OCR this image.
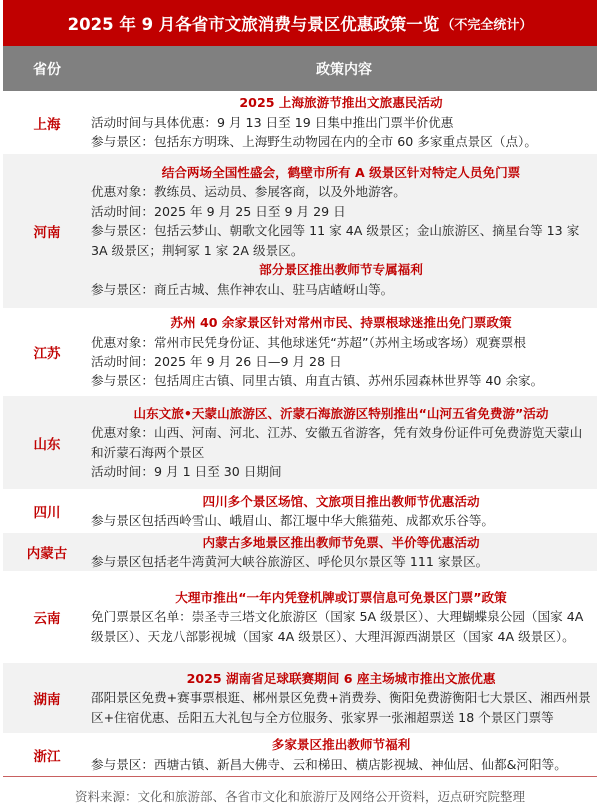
2025 年 9 月各省市文旅消费与景区优惠政策一览 （不完全统计）
省份	政策内容
上海
2025 上海旅游节推出文旅惠民活动
活动时间与具体优惠：9 月 13 日至 19 日集中推出门票半价优惠
参与景区：包括东方明珠、上海野生动物园在内的全市 60 多家重点景区（点）。
河南
结合两场全国性盛会，鹤壁市所有 A 级景区针对特定人员免门票
优惠对象：教练员、运动员、参展客商，以及外地游客。
活动时间：2025 年 9 月 25 日至 9 月 29 日
参与景区：包括云梦山、朝歌文化园等 11 家 4A 级景区；金山旅游区、摘星台等 13 家 3A 级景区；荆轲冢 1 家 2A 级景区。
部分景区推出教师节专属福利
参与景区：商丘古城、焦作神农山、驻马店嵖岈山等。
江苏
苏州 40 余家景区针对常州市民、持票根球迷推出免门票政策
优惠对象：常州市民凭身份证、其他球迷凭“苏超”（苏州主场或客场）观赛票根
活动时间：2025 年 9 月 26 日—9 月 28 日
参与景区：包括周庄古镇、同里古镇、甪直古镇、苏州乐园森林世界等 40 余家。
山东
山东文旅•天蒙山旅游区、沂蒙石海旅游区特别推出“山河五省免费游”活动
优惠对象：山西、河南、河北、江苏、安徽五省游客，凭有效身份证件可免费游览天蒙山和沂蒙石海两个景区
活动时间：9 月 1 日至 30 日期间
四川
四川多个景区场馆、文旅项目推出教师节优惠活动
参与景区包括西岭雪山、峨眉山、都江堰中华大熊猫苑、成都欢乐谷等。
内蒙古
内蒙古多地景区推出教师节免票、半价等优惠活动
参与景区包括老牛湾黄河大峡谷旅游区、呼伦贝尔景区等 111 家景区。
云南
大理市推出“一年内凭登机牌或订票信息可免景区门票”政策
免门票景区名单：崇圣寺三塔文化旅游区（国家 5A 级景区）、大理蝴蝶泉公园（国家 4A 级景区）、天龙八部影视城（国家 4A 级景区）、大理洱源西湖景区（国家 4A 级景区）。
湖南
2025 湖南省足球联赛期间 6 座主场城市推出文旅优惠
邵阳景区免费+赛事票根逛、郴州景区免费+消费券、衡阳免费游衡阳七大景区、湘西州景区+住宿优惠、岳阳五大礼包与全方位服务、张家界一张湘超票送 18 个景区门票等
浙江
多家景区推出教师节福利
参与景区：西塘古镇、新昌大佛寺、云和梯田、横店影视城、神仙居、仙都&河阳等。
资料来源：文化和旅游部、各省市文化和旅游厅及网络公开资料，迈点研究院整理
